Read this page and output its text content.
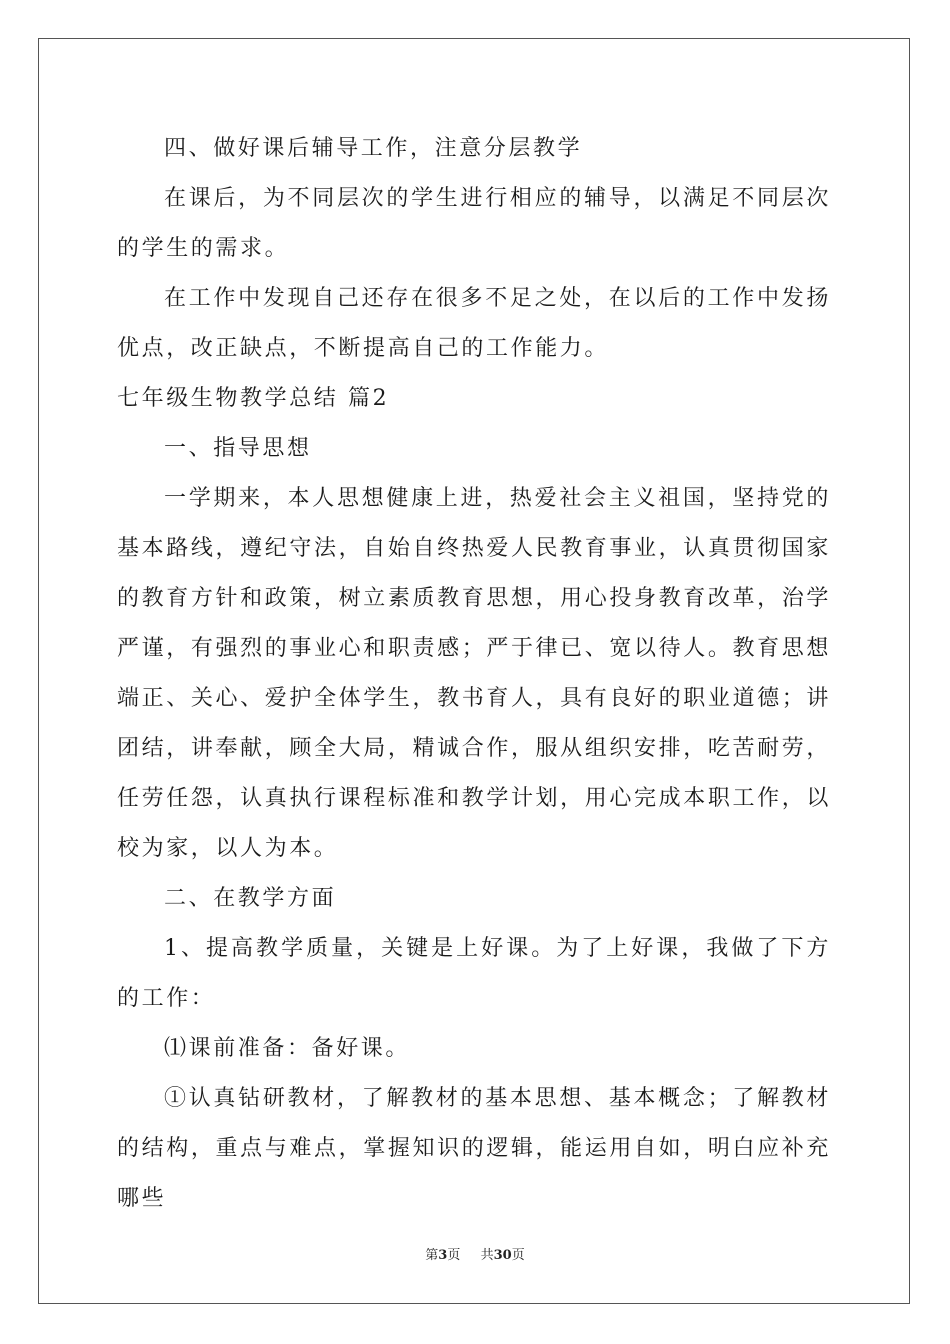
四、做好课后辅导工作，注意分层教学

在课后，为不同层次的学生进行相应的辅导，以满足不同层次的学生的需求。

在工作中发现自己还存在很多不足之处，在以后的工作中发扬优点，改正缺点，不断提高自己的工作能力。

七年级生物教学总结 篇2

一、指导思想

一学期来，本人思想健康上进，热爱社会主义祖国，坚持党的基本路线，遵纪守法，自始自终热爱人民教育事业，认真贯彻国家的教育方针和政策，树立素质教育思想，用心投身教育改革，治学严谨，有强烈的事业心和职责感；严于律已、宽以待人。教育思想端正、关心、爱护全体学生，教书育人，具有良好的职业道德；讲团结，讲奉献，顾全大局，精诚合作，服从组织安排，吃苦耐劳，任劳任怨，认真执行课程标准和教学计划，用心完成本职工作，以校为家，以人为本。

二、在教学方面

1、提高教学质量，关键是上好课。为了上好课，我做了下方的工作：

⑴课前准备：备好课。

①认真钻研教材，了解教材的基本思想、基本概念；了解教材的结构，重点与难点，掌握知识的逻辑，能运用自如，明白应补充哪些

第3页 共30页
